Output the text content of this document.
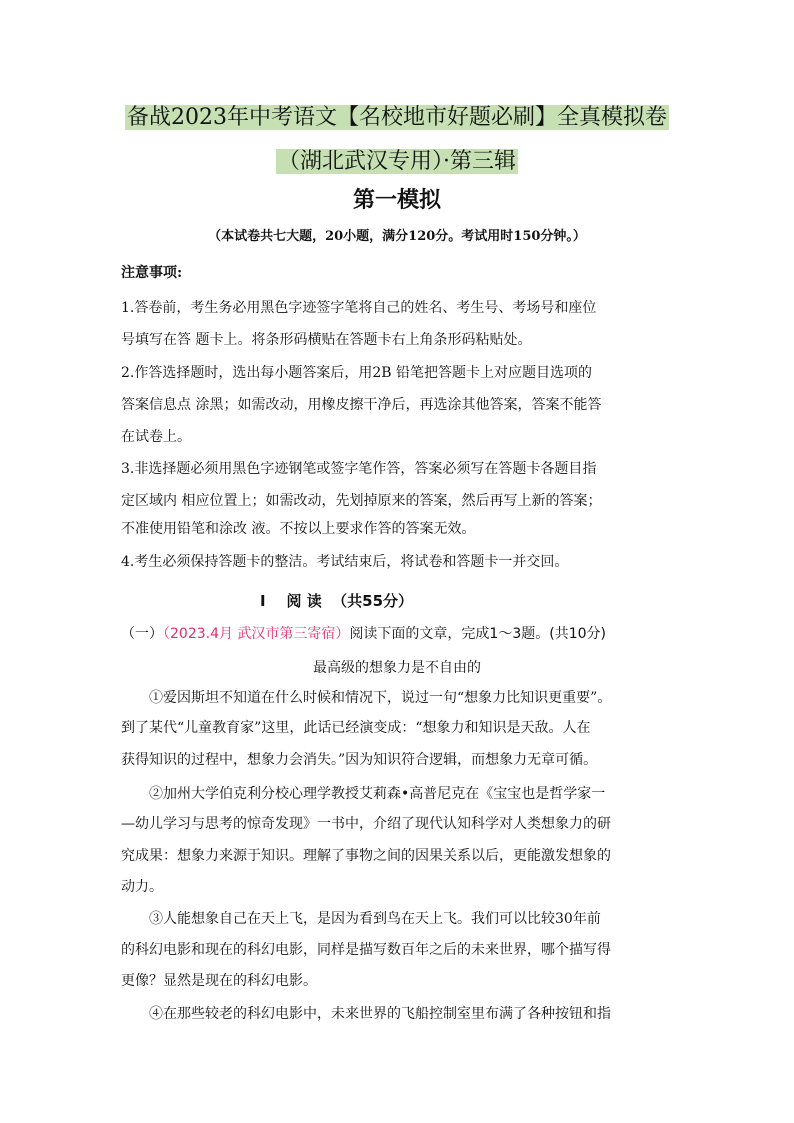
备战2023年中考语文【名校地市好题必刷】全真模拟卷
（湖北武汉专用）·第三辑
第一模拟
（本试卷共七大题，20小题，满分120分。考试用时150分钟。）
注意事项:
1.答卷前，考生务必用黑色字迹签字笔将自己的姓名、考生号、考场号和座位
号填写在答 题卡上。将条形码横贴在答题卡右上角条形码粘贴处。
2.作答选择题时，选出每小题答案后，用2B 铅笔把答题卡上对应题目选项的
答案信息点 涂黑；如需改动，用橡皮擦干净后，再选涂其他答案，答案不能答
在试卷上。
3.非选择题必须用黑色字迹钢笔或签字笔作答，答案必须写在答题卡各题目指
定区域内 相应位置上；如需改动，先划掉原来的答案，然后再写上新的答案；
不准使用铅笔和涂改 液。不按以上要求作答的答案无效。
4.考生必须保持答题卡的整洁。考试结束后，将试卷和答题卡一并交回。
I    阅 读  （共55分）
（一）（2023.4月 武汉市第三寄宿）阅读下面的文章，完成1～3题。(共10分)
最高级的想象力是不自由的
①爱因斯坦不知道在什么时候和情况下，说过一句“想象力比知识更重要”。
到了某代“儿童教育家”这里，此话已经演变成：“想象力和知识是天敌。人在
获得知识的过程中，想象力会消失。”因为知识符合逻辑，而想象力无章可循。
②加州大学伯克利分校心理学教授艾莉森•高普尼克在《宝宝也是哲学家一
—幼儿学习与思考的惊奇发现》一书中，介绍了现代认知科学对人类想象力的研
究成果：想象力来源于知识。理解了事物之间的因果关系以后，更能激发想象的
动力。
③人能想象自己在天上飞，是因为看到鸟在天上飞。我们可以比较30年前
的科幻电影和现在的科幻电影，同样是描写数百年之后的未来世界，哪个描写得
更像？显然是现在的科幻电影。
④在那些较老的科幻电影中，未来世界的飞船控制室里布满了各种按钮和指
